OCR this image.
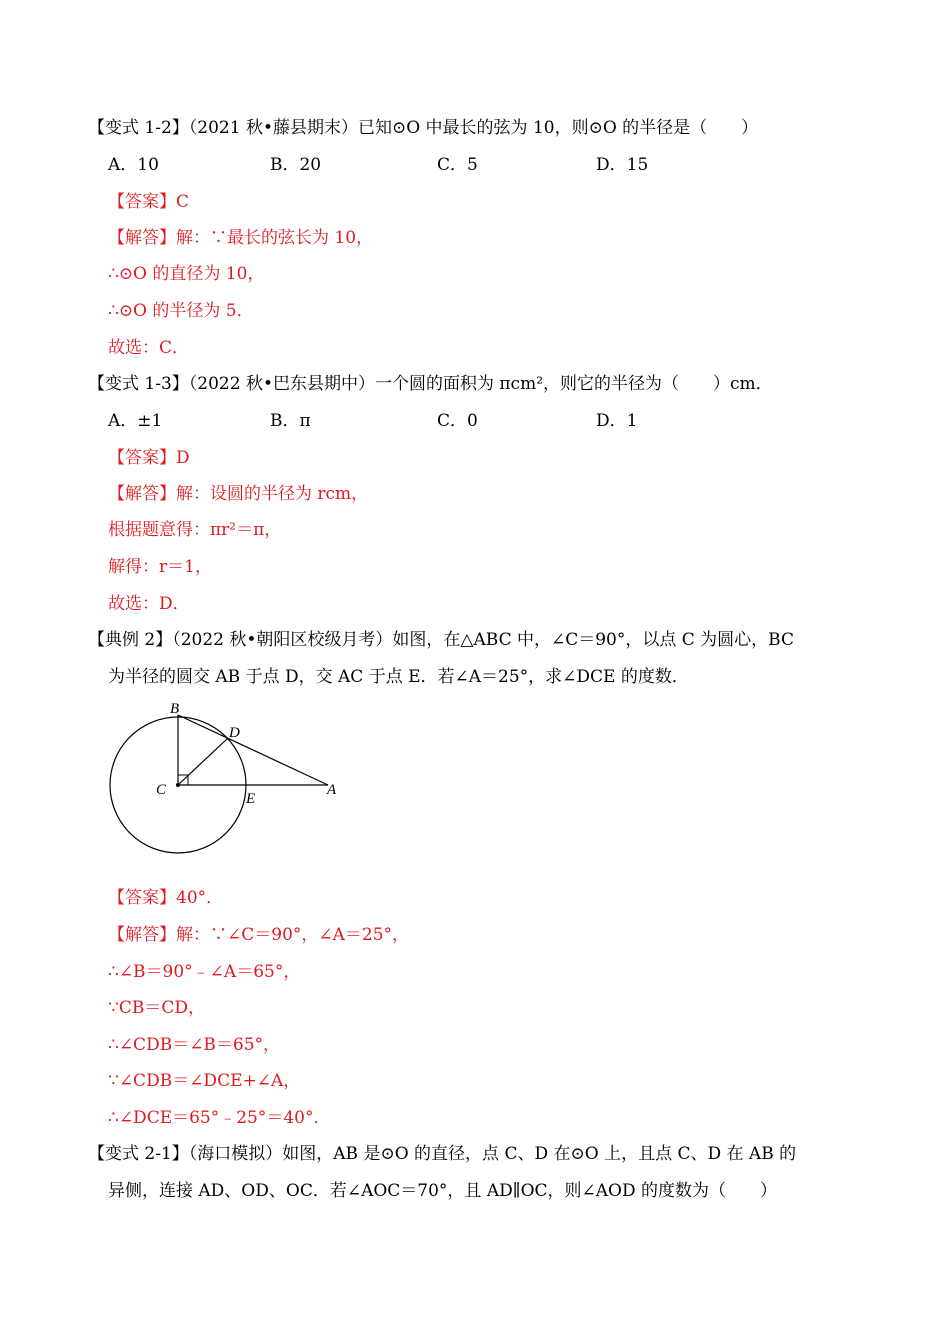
【变式 1-2】（2021 秋•藤县期末）已知⊙O 中最长的弦为 10，则⊙O 的半径是（　　）
A．10	B．20	C．5	D．15
【答案】C
【解答】解：∵最长的弦长为 10，
∴⊙O 的直径为 10，
∴⊙O 的半径为 5．
故选：C．
【变式 1-3】（2022 秋•巴东县期中）一个圆的面积为 πcm²，则它的半径为（　　）cm．
A．±1	B．π	C．0	D．1
【答案】D
【解答】解：设圆的半径为 rcm，
根据题意得：πr²＝π，
解得：r＝1，
故选：D．
【典例 2】（2022 秋•朝阳区校级月考）如图，在△ABC 中，∠C＝90°，以点 C 为圆心，BC
为半径的圆交 AB 于点 D，交 AC 于点 E．若∠A＝25°，求∠DCE 的度数．
B
D
C
E
A
【答案】40°．
【解答】解：∵∠C＝90°，∠A＝25°，
∴∠B＝90°﹣∠A＝65°，
∵CB＝CD，
∴∠CDB＝∠B＝65°，
∵∠CDB＝∠DCE+∠A，
∴∠DCE＝65°﹣25°＝40°．
【变式 2-1】（海口模拟）如图，AB 是⊙O 的直径，点 C、D 在⊙O 上，且点 C、D 在 AB 的
异侧，连接 AD、OD、OC．若∠AOC＝70°，且 AD∥OC，则∠AOD 的度数为（　　）
